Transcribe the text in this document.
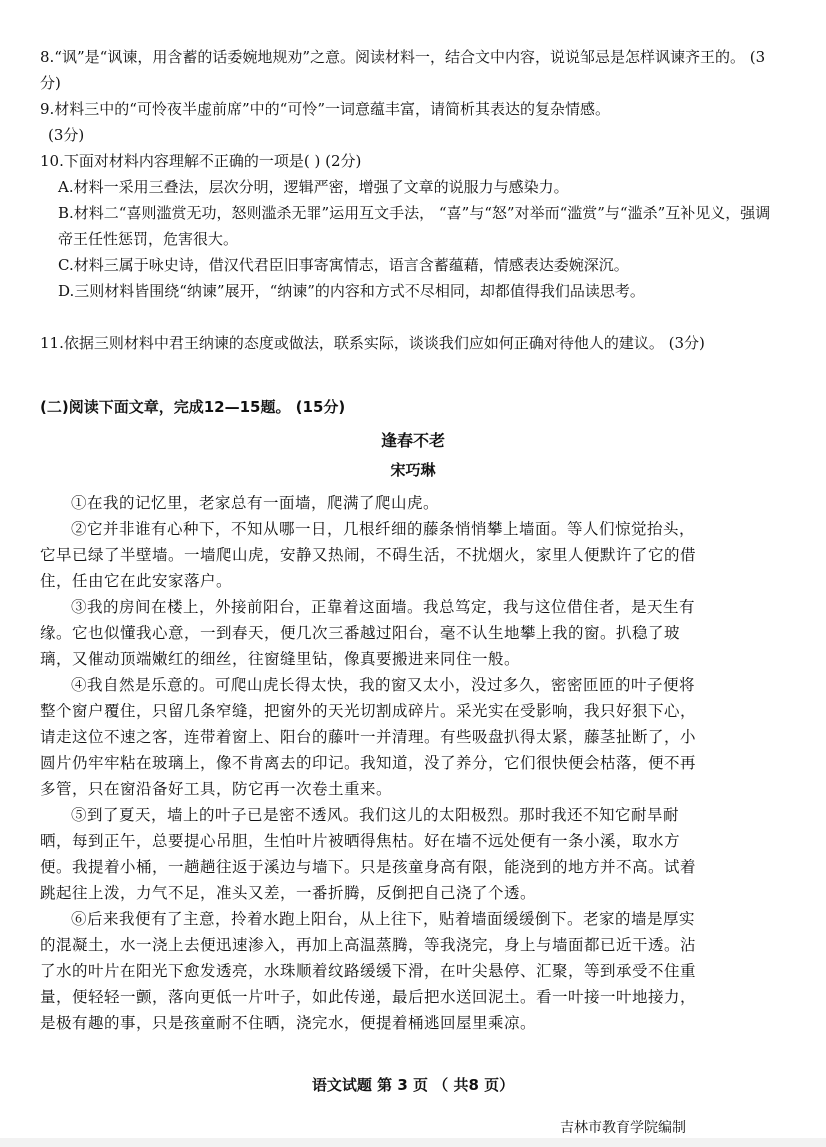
8.“讽”是“讽谏，用含蓄的话委婉地规劝”之意。阅读材料一，结合文中内容，说说邹忌是怎样讽谏齐王的。 (3分)

9.材料三中的“可怜夜半虚前席”中的“可怜”一词意蕴丰富，请简析其表达的复杂情感。

(3分)

10.下面对材料内容理解不正确的一项是( ) (2分)

A.材料一采用三叠法，层次分明，逻辑严密，增强了文章的说服力与感染力。

B.材料二“喜则滥赏无功，怒则滥杀无罪”运用互文手法， “喜”与“怒”对举而“滥赏”与“滥杀”互补见义，强调帝王任性惩罚，危害很大。

C.材料三属于咏史诗，借汉代君臣旧事寄寓情志，语言含蓄蕴藉，情感表达委婉深沉。

D.三则材料皆围绕“纳谏”展开，“纳谏”的内容和方式不尽相同，却都值得我们品读思考。

11.依据三则材料中君王纳谏的态度或做法，联系实际，谈谈我们应如何正确对待他人的建议。 (3分)

(二)阅读下面文章，完成12—15题。 (15分)

逢春不老

宋巧琳

①在我的记忆里，老家总有一面墙，爬满了爬山虎。

②它并非谁有心种下，不知从哪一日，几根纤细的藤条悄悄攀上墙面。等人们惊觉抬头，它早已绿了半壁墙。一墙爬山虎，安静又热闹，不碍生活，不扰烟火，家里人便默许了它的借住，任由它在此安家落户。

③我的房间在楼上，外接前阳台，正靠着这面墙。我总笃定，我与这位借住者，是天生有缘。它也似懂我心意，一到春天，便几次三番越过阳台，毫不认生地攀上我的窗。扒稳了玻璃，又催动顶端嫩红的细丝，往窗缝里钻，像真要搬进来同住一般。

④我自然是乐意的。可爬山虎长得太快，我的窗又太小，没过多久，密密匝匝的叶子便将整个窗户覆住，只留几条窄缝，把窗外的天光切割成碎片。采光实在受影响，我只好狠下心，请走这位不速之客，连带着窗上、阳台的藤叶一并清理。有些吸盘扒得太紧，藤茎扯断了，小圆片仍牢牢粘在玻璃上，像不肯离去的印记。我知道，没了养分，它们很快便会枯落，便不再多管，只在窗沿备好工具，防它再一次卷土重来。

⑤到了夏天，墙上的叶子已是密不透风。我们这儿的太阳极烈。那时我还不知它耐旱耐晒，每到正午，总要提心吊胆，生怕叶片被晒得焦枯。好在墙不远处便有一条小溪，取水方便。我提着小桶，一趟趟往返于溪边与墙下。只是孩童身高有限，能浇到的地方并不高。试着跳起往上泼，力气不足，准头又差，一番折腾，反倒把自己浇了个透。

⑥后来我便有了主意，拎着水跑上阳台，从上往下，贴着墙面缓缓倒下。老家的墙是厚实的混凝土，水一浇上去便迅速渗入，再加上高温蒸腾，等我浇完，身上与墙面都已近干透。沾了水的叶片在阳光下愈发透亮，水珠顺着纹路缓缓下滑，在叶尖悬停、汇聚，等到承受不住重量，便轻轻一颤，落向更低一片叶子，如此传递，最后把水送回泥土。看一叶接一叶地接力，是极有趣的事，只是孩童耐不住晒，浇完水，便提着桶逃回屋里乘凉。

语文试题 第 3 页 （ 共8 页）

吉林市教育学院编制
